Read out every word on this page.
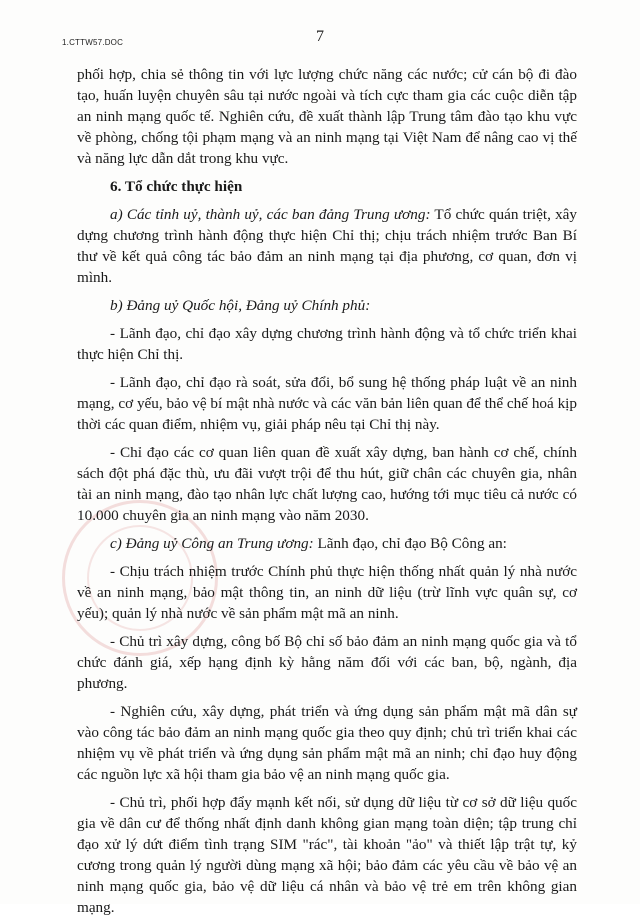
1.CTTW57.DOC	7

phối hợp, chia sẻ thông tin với lực lượng chức năng các nước; cử cán bộ đi đào tạo, huấn luyện chuyên sâu tại nước ngoài và tích cực tham gia các cuộc diễn tập an ninh mạng quốc tế. Nghiên cứu, đề xuất thành lập Trung tâm đào tạo khu vực về phòng, chống tội phạm mạng và an ninh mạng tại Việt Nam để nâng cao vị thế và năng lực dẫn dắt trong khu vực.

6. Tổ chức thực hiện

a) Các tỉnh uỷ, thành uỷ, các ban đảng Trung ương: Tổ chức quán triệt, xây dựng chương trình hành động thực hiện Chỉ thị; chịu trách nhiệm trước Ban Bí thư về kết quả công tác bảo đảm an ninh mạng tại địa phương, cơ quan, đơn vị mình.

b) Đảng uỷ Quốc hội, Đảng uỷ Chính phủ:

- Lãnh đạo, chỉ đạo xây dựng chương trình hành động và tổ chức triển khai thực hiện Chỉ thị.

- Lãnh đạo, chỉ đạo rà soát, sửa đổi, bổ sung hệ thống pháp luật về an ninh mạng, cơ yếu, bảo vệ bí mật nhà nước và các văn bản liên quan để thể chế hoá kịp thời các quan điểm, nhiệm vụ, giải pháp nêu tại Chỉ thị này.

- Chỉ đạo các cơ quan liên quan đề xuất xây dựng, ban hành cơ chế, chính sách đột phá đặc thù, ưu đãi vượt trội để thu hút, giữ chân các chuyên gia, nhân tài an ninh mạng, đào tạo nhân lực chất lượng cao, hướng tới mục tiêu cả nước có 10.000 chuyên gia an ninh mạng vào năm 2030.

c) Đảng uỷ Công an Trung ương: Lãnh đạo, chỉ đạo Bộ Công an:

- Chịu trách nhiệm trước Chính phủ thực hiện thống nhất quản lý nhà nước về an ninh mạng, bảo mật thông tin, an ninh dữ liệu (trừ lĩnh vực quân sự, cơ yếu); quản lý nhà nước về sản phẩm mật mã an ninh.

- Chủ trì xây dựng, công bố Bộ chỉ số bảo đảm an ninh mạng quốc gia và tổ chức đánh giá, xếp hạng định kỳ hằng năm đối với các ban, bộ, ngành, địa phương.

- Nghiên cứu, xây dựng, phát triển và ứng dụng sản phẩm mật mã dân sự vào công tác bảo đảm an ninh mạng quốc gia theo quy định; chủ trì triển khai các nhiệm vụ về phát triển và ứng dụng sản phẩm mật mã an ninh; chỉ đạo huy động các nguồn lực xã hội tham gia bảo vệ an ninh mạng quốc gia.

- Chủ trì, phối hợp đẩy mạnh kết nối, sử dụng dữ liệu từ cơ sở dữ liệu quốc gia về dân cư để thống nhất định danh không gian mạng toàn diện; tập trung chỉ đạo xử lý dứt điểm tình trạng SIM "rác", tài khoản "ảo" và thiết lập trật tự, kỷ cương trong quản lý người dùng mạng xã hội; bảo đảm các yêu cầu về bảo vệ an ninh mạng quốc gia, bảo vệ dữ liệu cá nhân và bảo vệ trẻ em trên không gian mạng.
